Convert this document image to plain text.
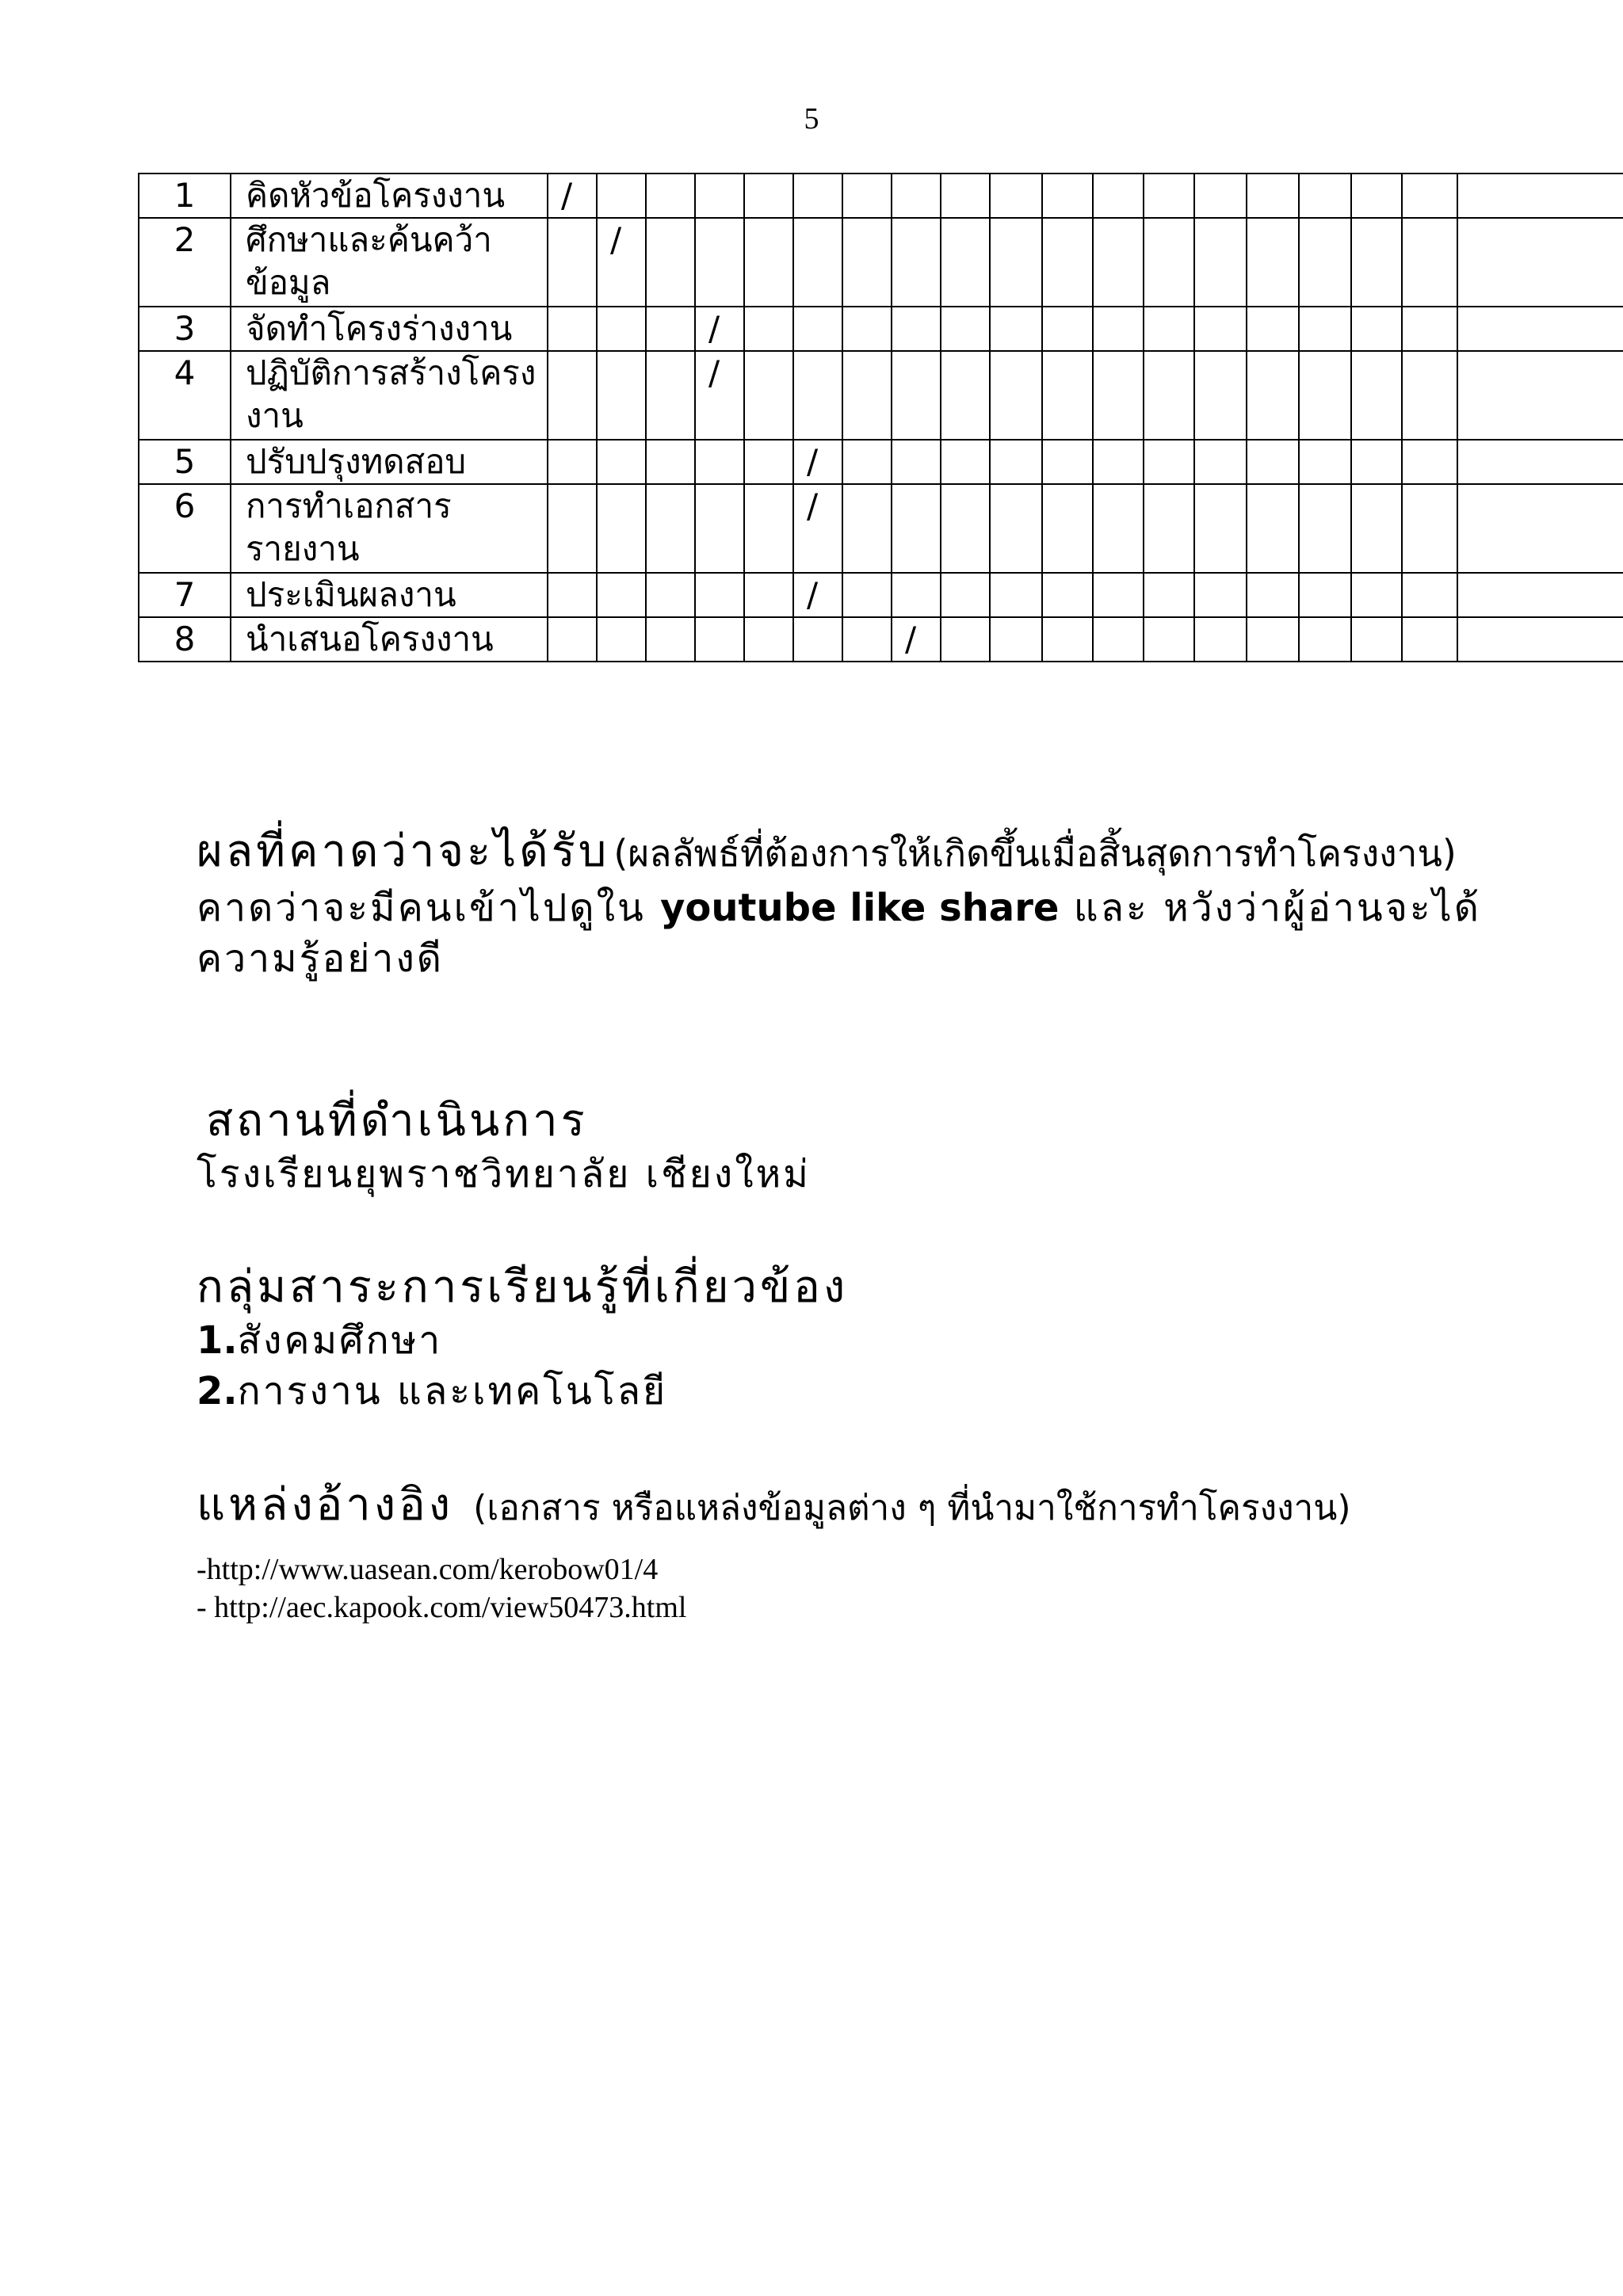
5
1	คิดหัวข้อโครงงาน	/																		
2	ศึกษาและค้นคว้าข้อมูล		/																	
3	จัดทำโครงร่างงาน				/															
4	ปฏิบัติการสร้างโครงงาน				/															
5	ปรับปรุงทดสอบ						/													
6	การทำเอกสารรายงาน						/													
7	ประเมินผลงาน						/													
8	นำเสนอโครงงาน								/											
ผลที่คาดว่าจะได้รับ (ผลลัพธ์ที่ต้องการให้เกิดขึ้นเมื่อสิ้นสุดการทำโครงงาน)
คาดว่าจะมีคนเข้าไปดูใน youtube like share และ หวังว่าผู้อ่านจะได้ความรู้อย่างดี
สถานที่ดำเนินการ
โรงเรียนยุพราชวิทยาลัย เชียงใหม่
กลุ่มสาระการเรียนรู้ที่เกี่ยวข้อง
1.สังคมศึกษา
2.การงาน และเทคโนโลยี
แหล่งอ้างอิง (เอกสาร หรือแหล่งข้อมูลต่าง ๆ ที่นำมาใช้การทำโครงงาน)
-http://www.uasean.com/kerobow01/4
- http://aec.kapook.com/view50473.html
